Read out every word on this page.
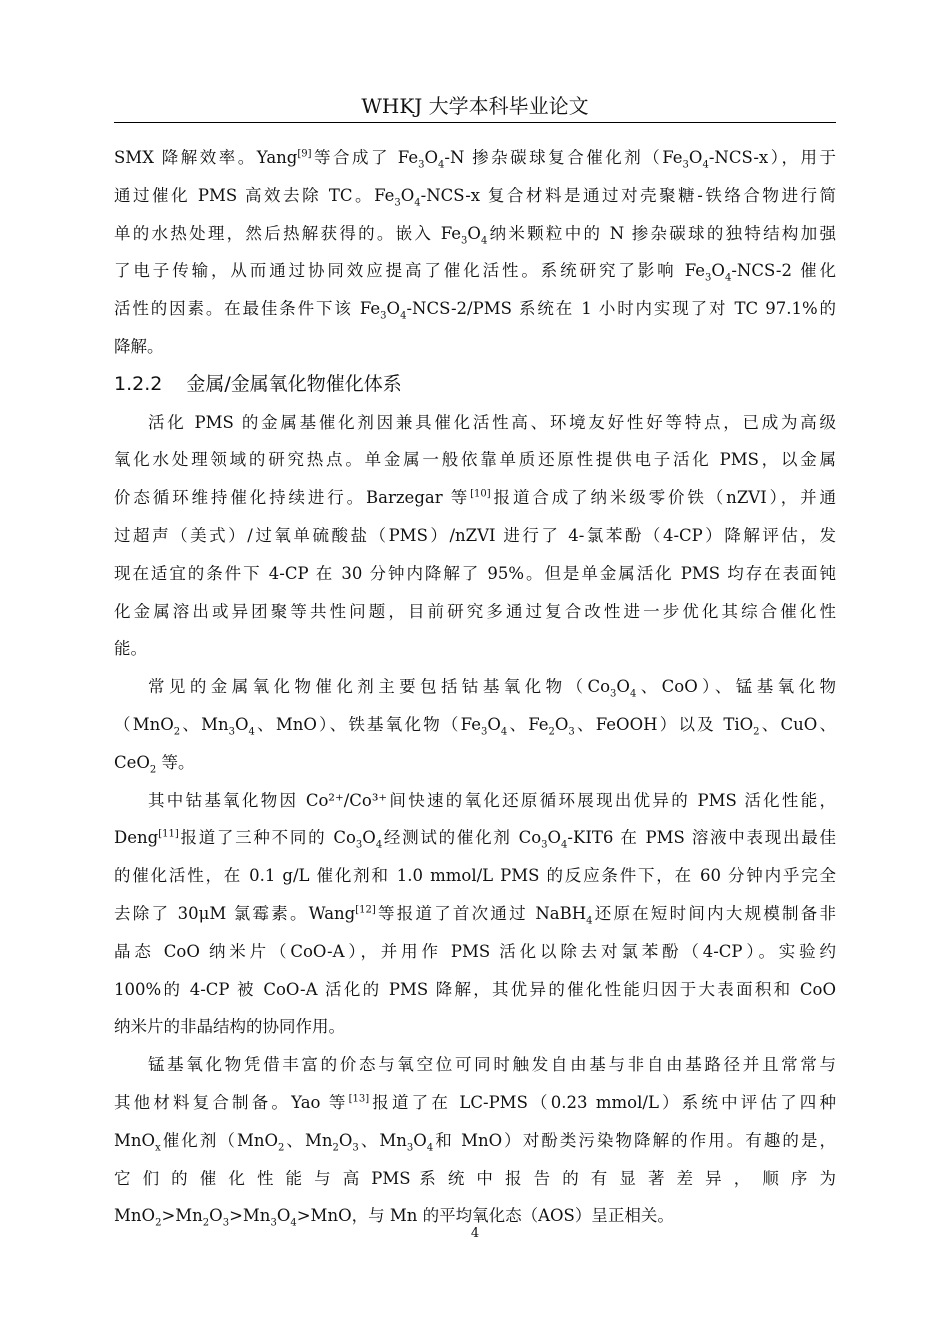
WHKJ 大学本科毕业论文
SMX 降解效率。Yang[9]等合成了 $Fe_3O_4-N$ 掺杂碳球复合催化剂$(Fe_3O_4-NCS-x)$，用于
通过催化 PMS 高效去除 TC。$Fe_3O_4-NCS-x$ 复合材料是通过对壳聚糖-铁络合物进行简
单的水热处理，然后热解获得的。嵌入 $Fe_3O_4$纳米颗粒中的 N 掺杂碳球的独特结构加强
了电子传输，从而通过协同效应提高了催化活性。系统研究了影响 $Fe_3O_4-NCS-2$ 催化
活性的因素。在最佳条件下该 $Fe_3O_4-NCS-2$/PMS 系统在 1 小时内实现了对 TC 97.1%的
降解。
1.2.2 金属/金属氧化物催化体系
活化 PMS 的金属基催化剂因兼具催化活性高、环境友好性好等特点，已成为高级
氧化水处理领域的研究热点。单金属一般依靠单质还原性提供电子活化 PMS，以金属
价态循环维持催化持续进行。Barzegar 等[10]报道合成了纳米级零价铁（nZVI），并通
过超声（美式）/过氧单硫酸盐（PMS）/nZVI 进行了 4-氯苯酚（4-CP）降解评估，发
现在适宜的条件下 4-CP 在 30 分钟内降解了 95%。但是单金属活化 PMS 均存在表面钝
化金属溶出或异团聚等共性问题，目前研究多通过复合改性进一步优化其综合催化性
能。
常见的金属氧化物催化剂主要包括钴基氧化物（$Co_3O_4$、CoO）、锰基氧化物
（MnO$_2$、$Mn_3O_4$、MnO）、铁基氧化物（$Fe_3O_4$、$Fe_2O_3$、FeOOH）以及 TiO$_2$、CuO、
CeO$_2$ 等。
其中钴基氧化物因 Co²⁺/Co³⁺间快速的氧化还原循环展现出优异的 PMS 活化性能，
Deng[11]报道了三种不同的 $Co_3O_4$经测试的催化剂 $Co_3O_4-KIT6$ 在 PMS 溶液中表现出最佳
的催化活性，在 0.1 g/L 催化剂和 1.0 mmol/L PMS 的反应条件下，在 60 分钟内乎完全
去除了 30μM 氯霉素。Wang[12]等报道了首次通过 NaBH$_4$还原在短时间内大规模制备非
晶态 CoO 纳米片（CoO-A），并用作 PMS 活化以除去对氯苯酚（4-CP）。实验约
100%的 4-CP 被 CoO-A 活化的 PMS 降解，其优异的催化性能归因于大表面积和 CoO
纳米片的非晶结构的协同作用。
锰基氧化物凭借丰富的价态与氧空位可同时触发自由基与非自由基路径并且常常与
其他材料复合制备。Yao 等[13]报道了在 LC-PMS（0.23 mmol/L）系统中评估了四种
MnO$_x$催化剂（MnO$_2$、$Mn_2O_3$、$Mn_3O_4$和 MnO）对酚类污染物降解的作用。有趣的是，
它 们 的 催 化 性 能 与 高 PMS 系 统 中 报 告 的 有 显 著 差 异 ， 顺 序 为
$MnO_2>Mn_2O_3>Mn_3O_4>MnO$，与 Mn 的平均氧化态（AOS）呈正相关。
4
